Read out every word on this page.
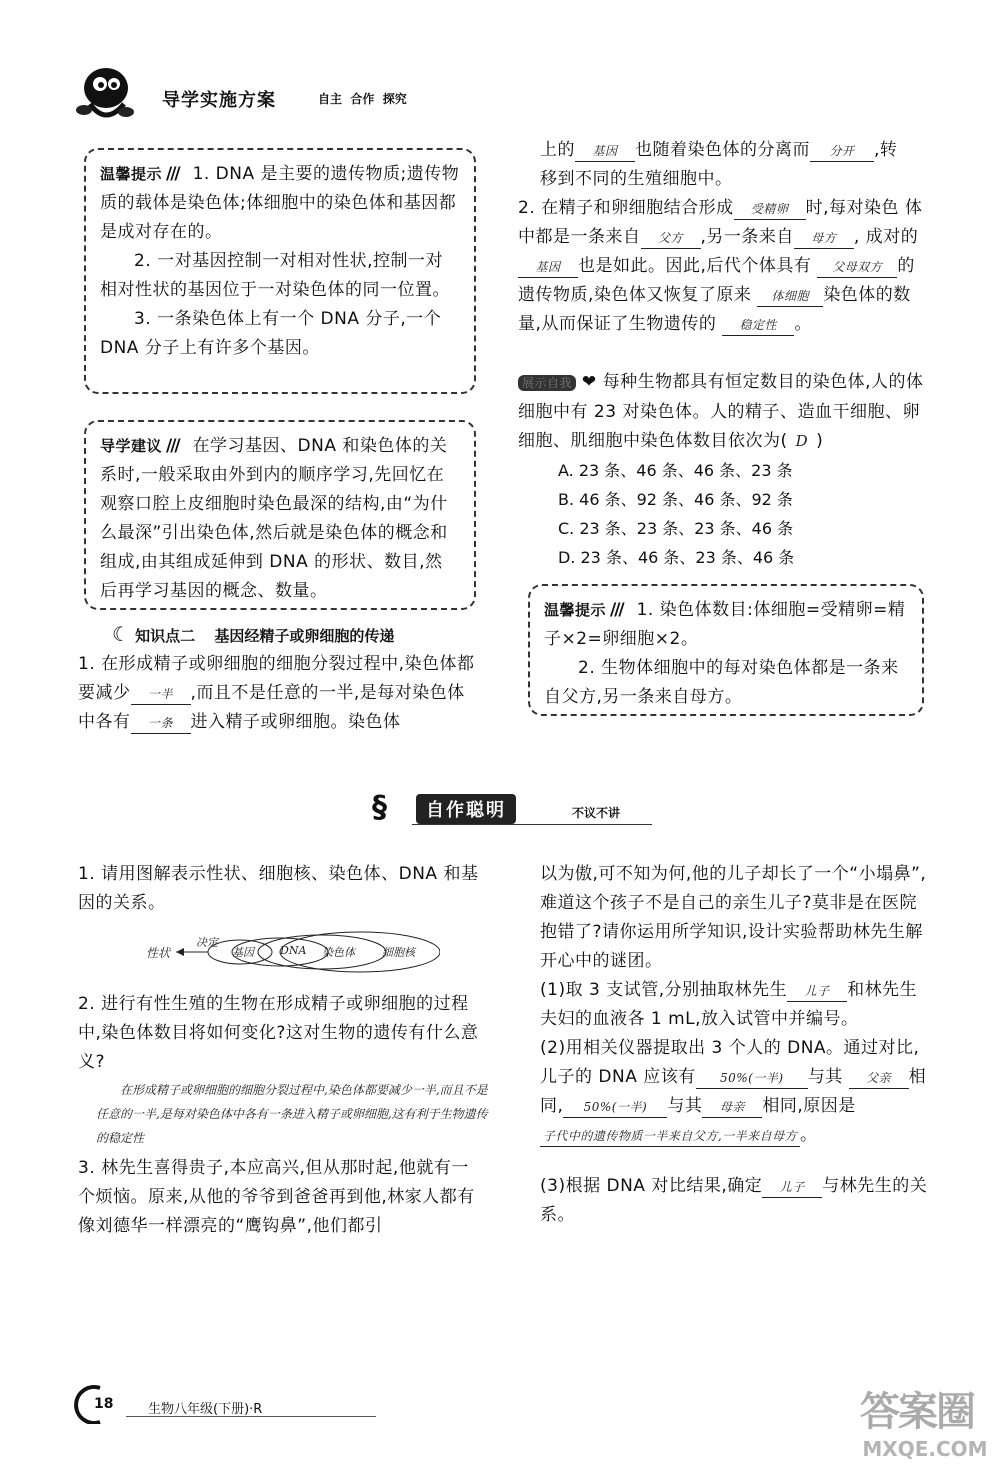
导学实施方案	自主  合作  探究
温馨提示 /// 1. DNA 是主要的遗传物质;遗传物质的载体是染色体;体细胞中的染色体和基因都是成对存在的。
2. 一对基因控制一对相对性状,控制一对相对性状的基因位于一对染色体的同一位置。
3. 一条染色体上有一个 DNA 分子,一个 DNA 分子上有许多个基因。
导学建议 /// 在学习基因、DNA 和染色体的关系时,一般采取由外到内的顺序学习,先回忆在观察口腔上皮细胞时染色最深的结构,由“为什么最深”引出染色体,然后就是染色体的概念和组成,由其组成延伸到 DNA 的形状、数目,然后再学习基因的概念、数量。
☾ 知识点二 基因经精子或卵细胞的传递
1. 在形成精子或卵细胞的细胞分裂过程中,染色体都要减少 一半 ,而且不是任意的一半,是每对染色体中各有 一条 进入精子或卵细胞。染色体
上的 基因 也随着染色体的分离而 分开 ,转
移到不同的生殖细胞中。
2. 在精子和卵细胞结合形成 受精卵 时,每对染色 体中都是一条来自 父方 ,另一条来自 母方 , 成对的基因 也是如此。因此,后代个体具有 父母双方 的遗传物质,染色体又恢复了原来 体细胞 染色体的数量,从而保证了生物遗传的 稳定性 。
展示自我 ❤ 每种生物都具有恒定数目的染色体,人的体细胞中有 23 对染色体。人的精子、造血干细胞、卵细胞、肌细胞中染色体数目依次为( D )
A. 23 条、46 条、46 条、23 条
B. 46 条、92 条、46 条、92 条
C. 23 条、23 条、23 条、46 条
D. 23 条、46 条、23 条、46 条
温馨提示 /// 1. 染色体数目:体细胞=受精卵=精子×2=卵细胞×2。
2. 生物体细胞中的每对染色体都是一条来自父方,另一条来自母方。
§	自作聪明	不议不讲
1. 请用图解表示性状、细胞核、染色体、DNA 和基因的关系。
性状
决定
基因 DNA 染色体 细胞核
2. 进行有性生殖的生物在形成精子或卵细胞的过程中,染色体数目将如何变化?这对生物的遗传有什么意义?
在形成精子或卵细胞的细胞分裂过程中,染色体都要减少一半,而且不是任意的一半,是每对染色体中各有一条进入精子或卵细胞,这有利于生物遗传的稳定性
3. 林先生喜得贵子,本应高兴,但从那时起,他就有一个烦恼。原来,从他的爷爷到爸爸再到他,林家人都有像刘德华一样漂亮的“鹰钩鼻”,他们都引
以为傲,可不知为何,他的儿子却长了一个“小塌鼻”,难道这个孩子不是自己的亲生儿子?莫非是在医院抱错了?请你运用所学知识,设计实验帮助林先生解开心中的谜团。
(1)取 3 支试管,分别抽取林先生 儿子 和林先生夫妇的血液各 1 mL,放入试管中并编号。
(2)用相关仪器提取出 3 个人的 DNA。通过对比,儿子的 DNA 应该有 50%(一半) 与其 父亲 相同, 50%(一半) 与其 母亲 相同,原因是子代中的遗传物质一半来自父方,一半来自母方 。
(3)根据 DNA 对比结果,确定 儿子 与林先生的关系。
18	生物八年级(下册)·R	答案圈
MXQE.COM
